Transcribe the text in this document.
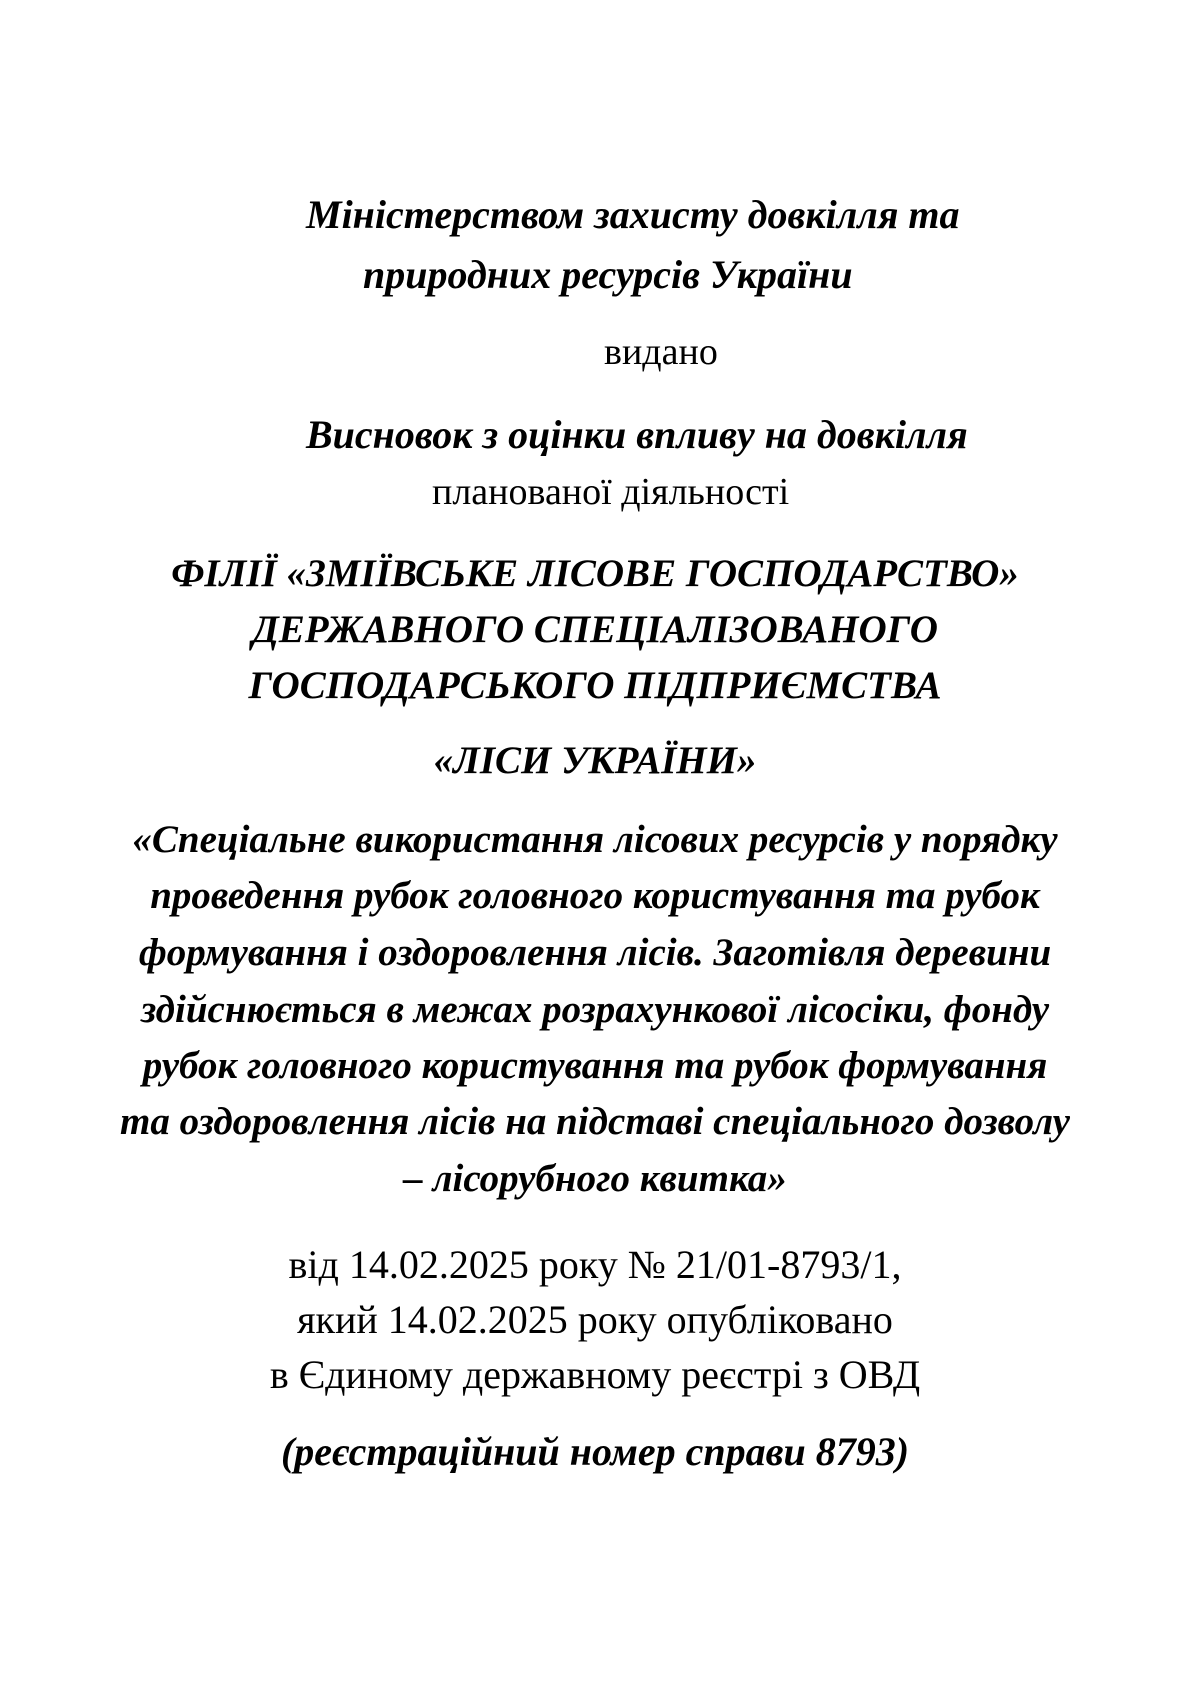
Міністерством захисту довкілля та

природних ресурсів України

видано

Висновок з оцінки впливу на довкілля

планованої діяльності

ФІЛІЇ «ЗМІЇВСЬКЕ ЛІСОВЕ ГОСПОДАРСТВО»

ДЕРЖАВНОГО СПЕЦІАЛІЗОВАНОГО

ГОСПОДАРСЬКОГО ПІДПРИЄМСТВА

«ЛІСИ УКРАЇНИ»

«Спеціальне використання лісових ресурсів у порядку

проведення рубок головного користування та рубок

формування і оздоровлення лісів. Заготівля деревини

здійснюється в межах розрахункової лісосіки, фонду

рубок головного користування та рубок формування

та оздоровлення лісів на підставі спеціального дозволу

– лісорубного квитка»

від 14.02.2025 року № 21/01-8793/1,

який 14.02.2025 року опубліковано

в Єдиному державному реєстрі з ОВД

(реєстраційний номер справи 8793)
